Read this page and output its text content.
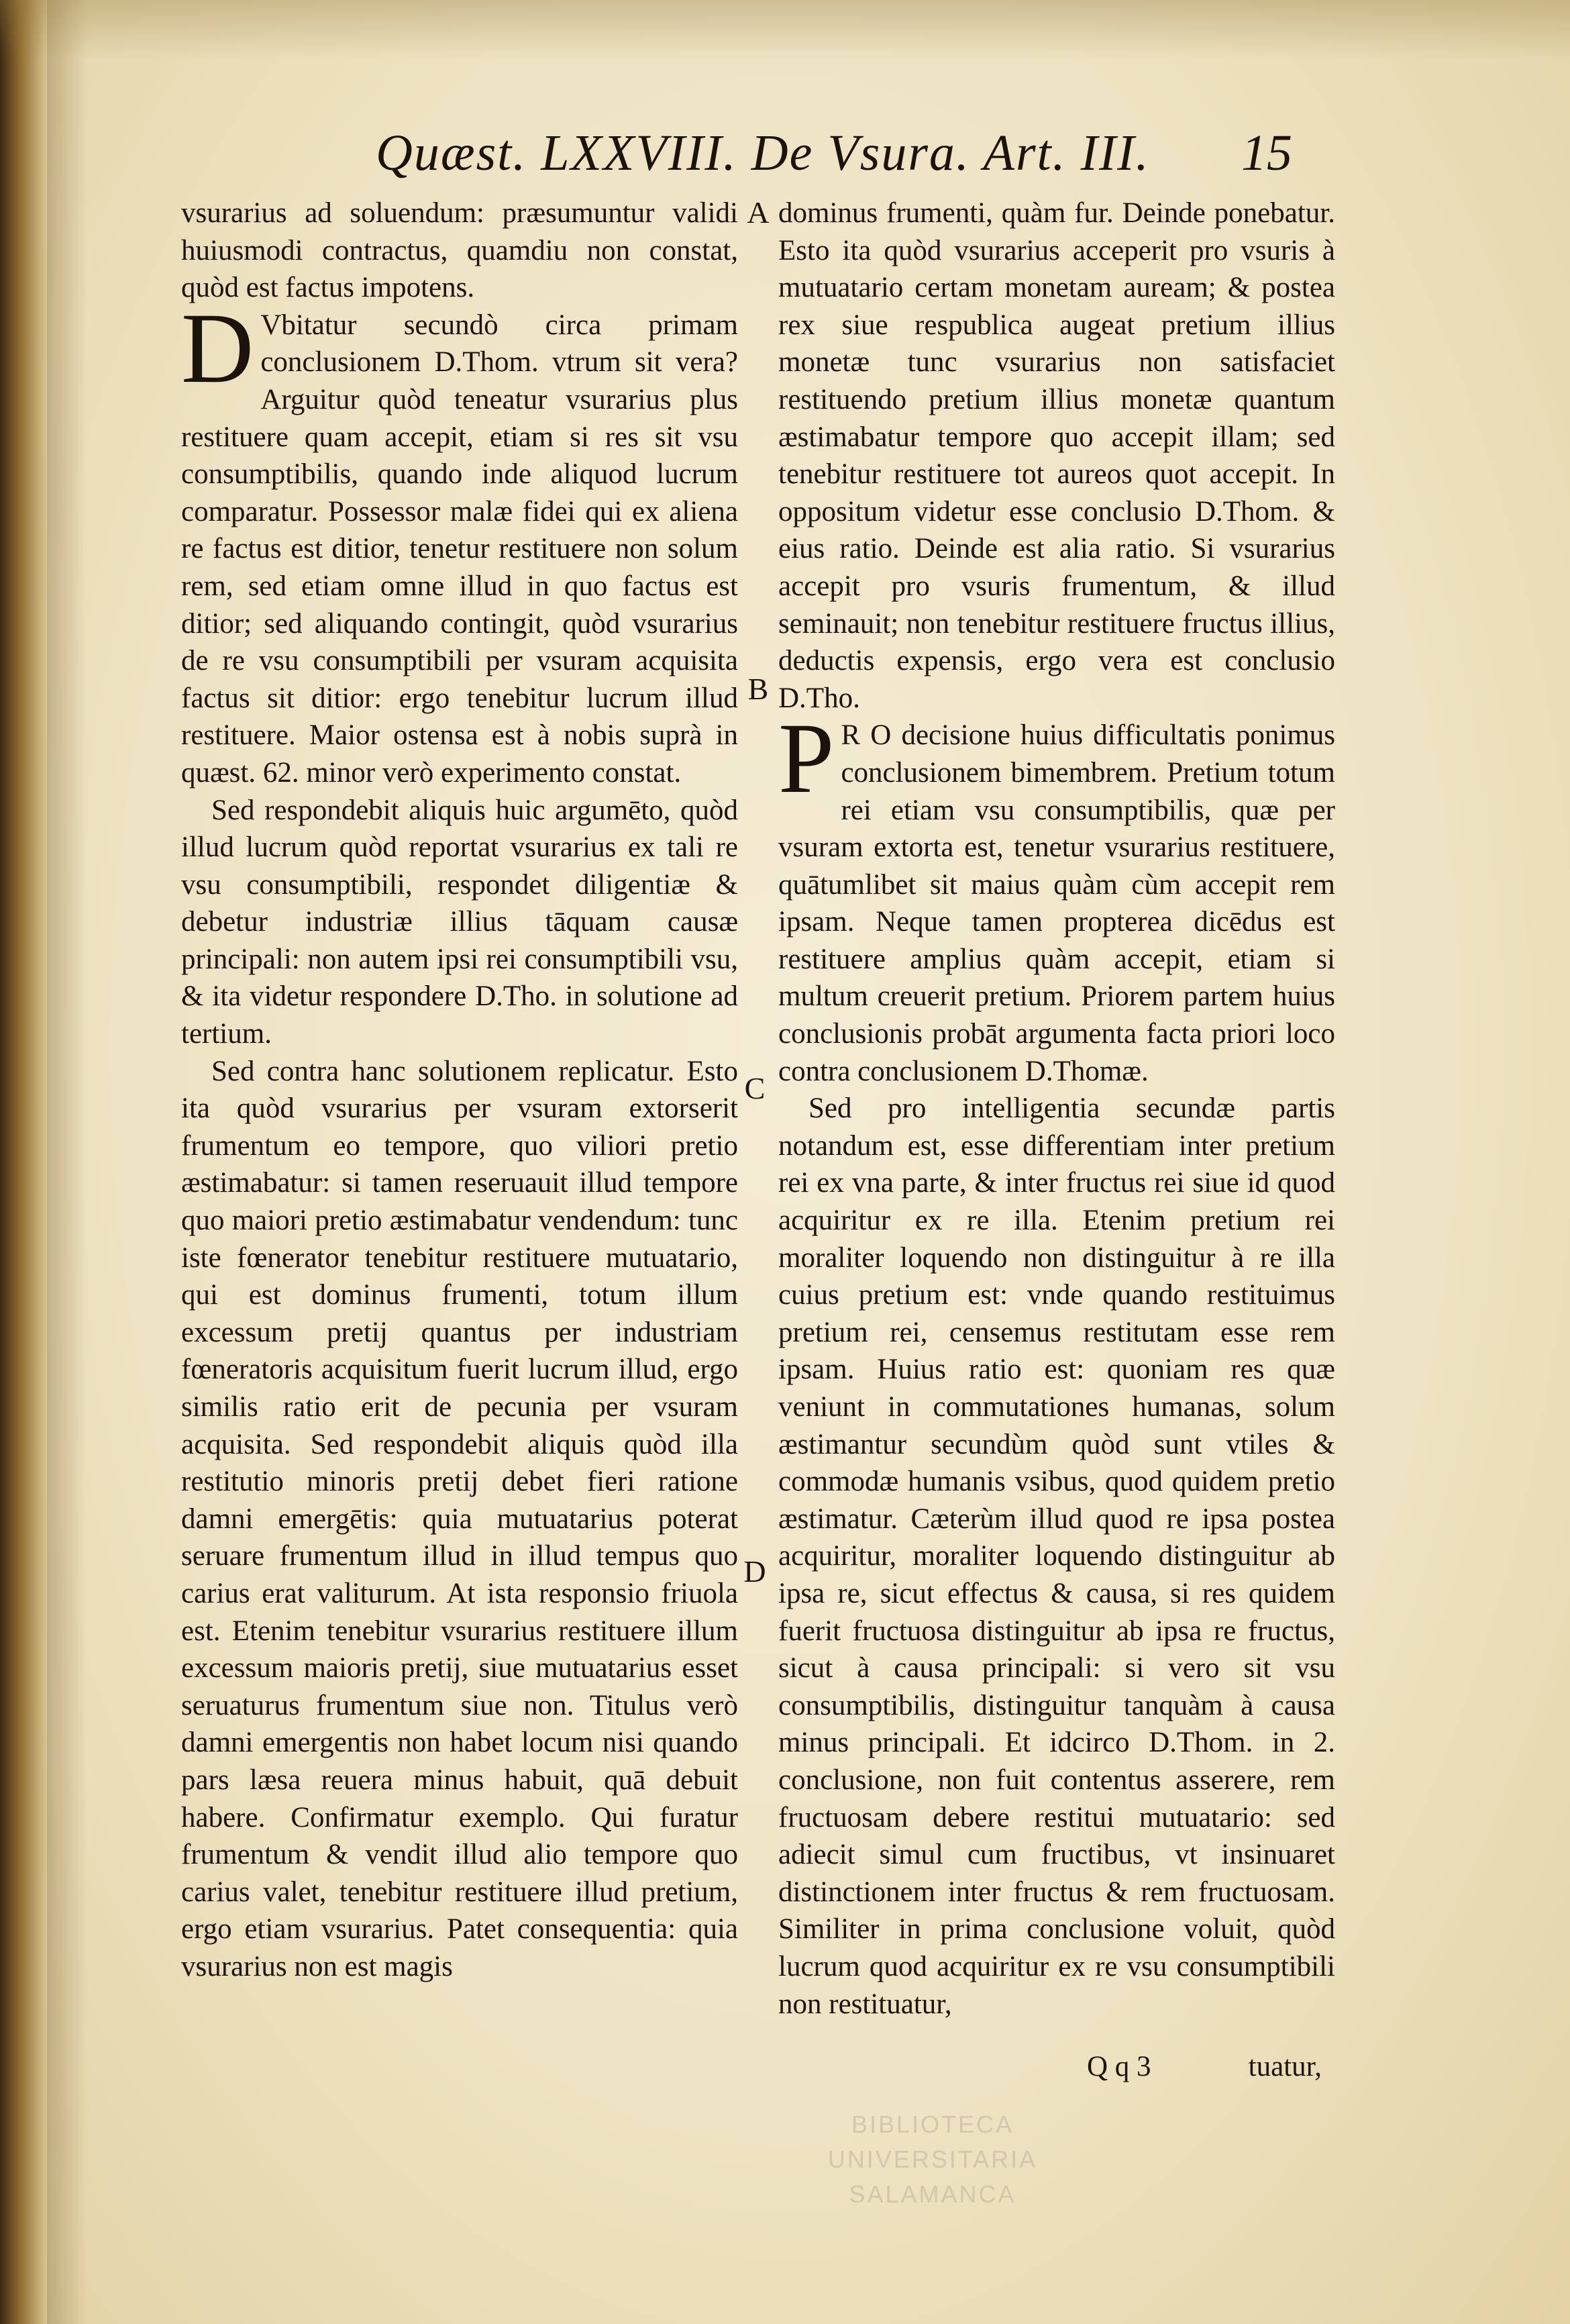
Quæst. LXXVIII. De Vsura. Art. III. 15
A
B
C
D

vsurarius ad soluendum: præsumuntur validi huiusmodi contractus, quamdiu non constat, quòd est factus impotens.

D Vbitatur secundò circa primam conclusionem D.Thom. vtrum sit vera? Arguitur quòd teneatur vsurarius plus restituere quam accepit, etiam si res sit vsu consumptibilis, quando inde aliquod lucrum comparatur. Possessor malæ fidei qui ex aliena re factus est ditior, tenetur restituere non solum rem, sed etiam omne illud in quo factus est ditior; sed aliquando contingit, quòd vsurarius de re vsu consumptibili per vsuram acquisita factus sit ditior: ergo tenebitur lucrum illud restituere. Maior ostensa est à nobis suprà in quæst. 62. minor verò experimento constat.

Sed respondebit aliquis huic argumēto, quòd illud lucrum quòd reportat vsurarius ex tali re vsu consumptibili, respondet diligentiæ & debetur industriæ illius tāquam causæ principali: non autem ipsi rei consumptibili vsu, & ita videtur respondere D.Tho. in solutione ad tertium.

Sed contra hanc solutionem replicatur. Esto ita quòd vsurarius per vsuram extorserit frumentum eo tempore, quo viliori pretio æstimabatur: si tamen reseruauit illud tempore quo maiori pretio æstimabatur vendendum: tunc iste fœnerator tenebitur restituere mutuatario, qui est dominus frumenti, totum illum excessum pretij quantus per industriam fœneratoris acquisitum fuerit lucrum illud, ergo similis ratio erit de pecunia per vsuram acquisita. Sed respondebit aliquis quòd illa restitutio minoris pretij debet fieri ratione damni emergētis: quia mutuatarius poterat seruare frumentum illud in illud tempus quo carius erat valiturum. At ista responsio friuola est. Etenim tenebitur vsurarius restituere illum excessum maioris pretij, siue mutuatarius esset seruaturus frumentum siue non. Titulus verò damni emergentis non habet locum nisi quando pars læsa reuera minus habuit, quā debuit habere. Confirmatur exemplo. Qui furatur frumentum & vendit illud alio tempore quo carius valet, tenebitur restituere illud pretium, ergo etiam vsurarius. Patet consequentia: quia vsurarius non est magis

dominus frumenti, quàm fur. Deinde ponebatur. Esto ita quòd vsurarius acceperit pro vsuris à mutuatario certam monetam auream; & postea rex siue respublica augeat pretium illius monetæ tunc vsurarius non satisfaciet restituendo pretium illius monetæ quantum æstimabatur tempore quo accepit illam; sed tenebitur restituere tot aureos quot accepit. In oppositum videtur esse conclusio D.Thom. & eius ratio. Deinde est alia ratio. Si vsurarius accepit pro vsuris frumentum, & illud seminauit; non tenebitur restituere fructus illius, deductis expensis, ergo vera est conclusio D.Tho.

P R O decisione huius difficultatis ponimus conclusionem bimembrem. Pretium totum rei etiam vsu consumptibilis, quæ per vsuram extorta est, tenetur vsurarius restituere, quātumlibet sit maius quàm cùm accepit rem ipsam. Neque tamen propterea dicēdus est restituere amplius quàm accepit, etiam si multum creuerit pretium. Priorem partem huius conclusionis probāt argumenta facta priori loco contra conclusionem D.Thomæ.

Sed pro intelligentia secundæ partis notandum est, esse differentiam inter pretium rei ex vna parte, & inter fructus rei siue id quod acquiritur ex re illa. Etenim pretium rei moraliter loquendo non distinguitur à re illa cuius pretium est: vnde quando restituimus pretium rei, censemus restitutam esse rem ipsam. Huius ratio est: quoniam res quæ veniunt in commutationes humanas, solum æstimantur secundùm quòd sunt vtiles & commodæ humanis vsibus, quod quidem pretio æstimatur. Cæterùm illud quod re ipsa postea acquiritur, moraliter loquendo distinguitur ab ipsa re, sicut effectus & causa, si res quidem fuerit fructuosa distinguitur ab ipsa re fructus, sicut à causa principali: si vero sit vsu consumptibilis, distinguitur tanquàm à causa minus principali. Et idcirco D.Thom. in 2. conclusione, non fuit contentus asserere, rem fructuosam debere restitui mutuatario: sed adiecit simul cum fructibus, vt insinuaret distinctionem inter fructus & rem fructuosam. Similiter in prima conclusione voluit, quòd lucrum quod acquiritur ex re vsu consumptibili non restituatur,

Q q 3	tuatur,
BIBLIOTECA
UNIVERSITARIA
SALAMANCA
